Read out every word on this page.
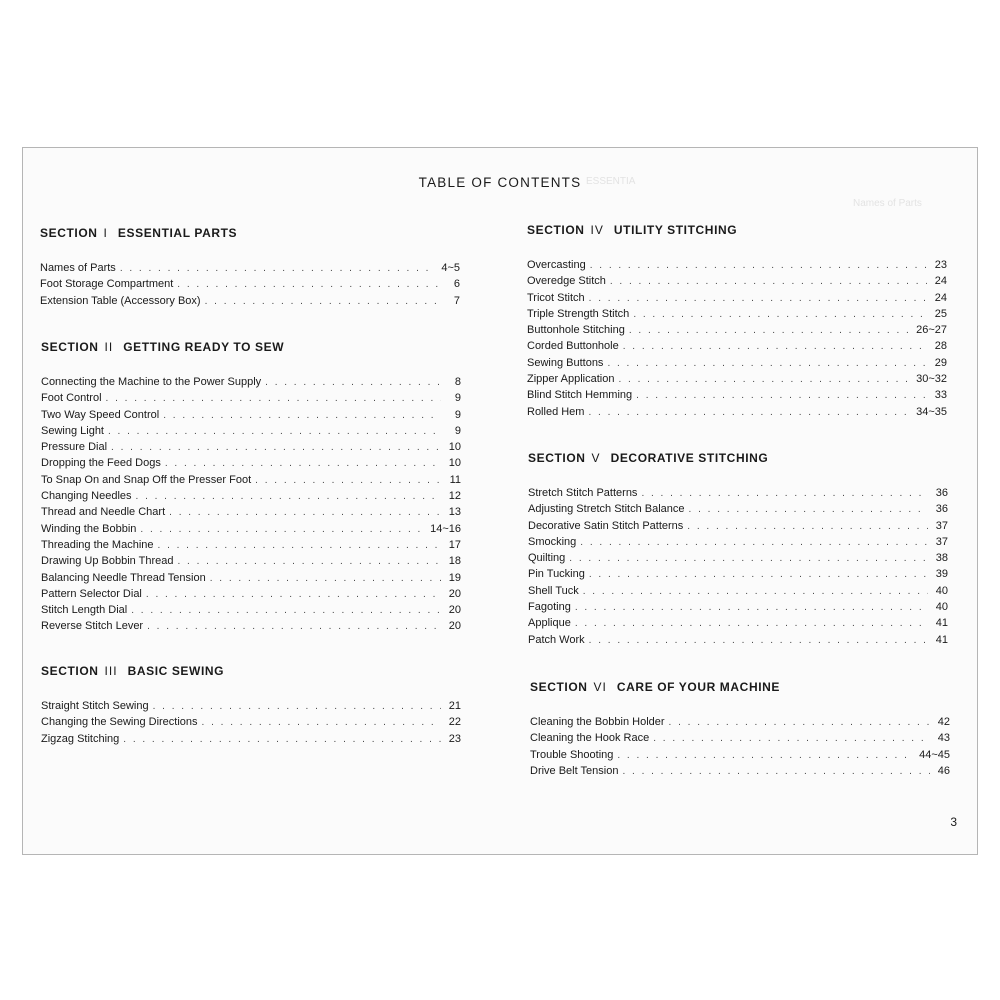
ESSENTIA
Names of Parts
TABLE OF CONTENTS
SECTION I ESSENTIAL PARTS
Names of Parts . . .	4~5
Foot Storage Compartment . . .	6
Extension Table (Accessory Box) . . .	7
SECTION II GETTING READY TO SEW
Connecting the Machine to the Power Supply . . .	8
Foot Control . . .	9
Two Way Speed Control . . .	9
Sewing Light . . .	9
Pressure Dial . . .	10
Dropping the Feed Dogs . . .	10
To Snap On and Snap Off the Presser Foot . . .	11
Changing Needles . . .	12
Thread and Needle Chart . . .	13
Winding the Bobbin . . .	14~16
Threading the Machine . . .	17
Drawing Up Bobbin Thread . . .	18
Balancing Needle Thread Tension . . .	19
Pattern Selector Dial . . .	20
Stitch Length Dial . . .	20
Reverse Stitch Lever . . .	20
SECTION III BASIC SEWING
Straight Stitch Sewing . . .	21
Changing the Sewing Directions . . .	22
Zigzag Stitching . . .	23
SECTION IV UTILITY STITCHING
Overcasting . . .	23
Overedge Stitch . . .	24
Tricot Stitch . . .	24
Triple Strength Stitch . . .	25
Buttonhole Stitching . . .	26~27
Corded Buttonhole . . .	28
Sewing Buttons . . .	29
Zipper Application . . .	30~32
Blind Stitch Hemming . . .	33
Rolled Hem . . .	34~35
SECTION V DECORATIVE STITCHING
Stretch Stitch Patterns . . .	36
Adjusting Stretch Stitch Balance . . .	36
Decorative Satin Stitch Patterns . . .	37
Smocking . . .	37
Quilting . . .	38
Pin Tucking . . .	39
Shell Tuck . . .	40
Fagoting . . .	40
Applique . . .	41
Patch Work . . .	41
SECTION VI CARE OF YOUR MACHINE
Cleaning the Bobbin Holder . . .	42
Cleaning the Hook Race . . .	43
Trouble Shooting . . .	44~45
Drive Belt Tension . . .	46
3
